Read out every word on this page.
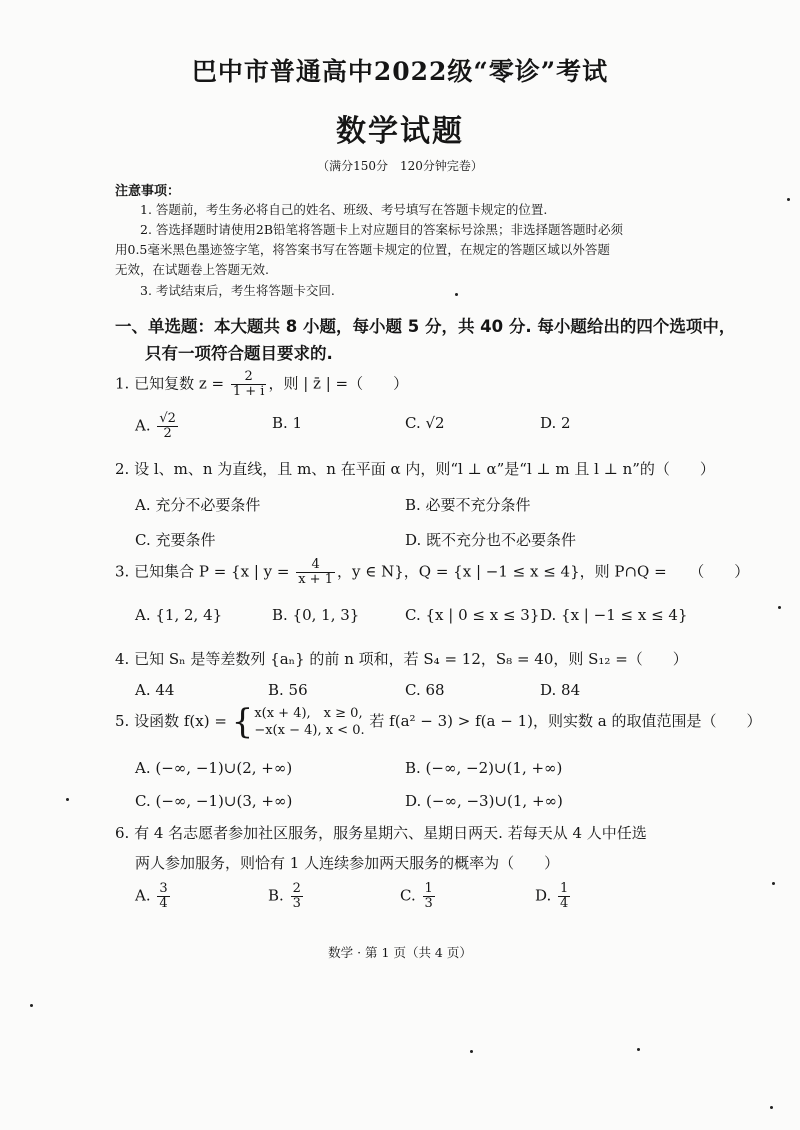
巴中市普通高中2022级“零诊”考试
数学试题
（满分150分　120分钟完卷）
注意事项：
1. 答题前，考生务必将自己的姓名、班级、考号填写在答题卡规定的位置.
2. 答选择题时请使用2B铅笔将答题卡上对应题目的答案标号涂黑；非选择题答题时必须
用0.5毫米黑色墨迹签字笔，将答案书写在答题卡规定的位置，在规定的答题区域以外答题
无效，在试题卷上答题无效.
3. 考试结束后，考生将答题卡交回.
一、单选题：本大题共 8 小题，每小题 5 分，共 40 分. 每小题给出的四个选项中，
只有一项符合题目要求的.
1. 已知复数 $z = \frac{2}{1 + i}$ ，则 | z̄ | =（　　）
A. $\frac{√2}{2}$	B. 1	C. √2	D. 2
2. 设 l、m、n 为直线，且 m、n 在平面 α 内，则“l ⊥ α”是“l ⊥ m 且 l ⊥ n”的（　　）
A. 充分不必要条件	B. 必要不充分条件
C. 充要条件	D. 既不充分也不必要条件
3. 已知集合 P = {x | $y = \frac{4}{x + 1}$ ，y ∈ N}，Q = {x | −1 ≤ x ≤ 4}，则 P∩Q =　　（　　）
A. {1, 2, 4}	B. {0, 1, 3}	C. {x | 0 ≤ x ≤ 3} D. {x | −1 ≤ x ≤ 4}
4. 已知 Sₙ 是等差数列 {aₙ} 的前 n 项和，若 S₄ = 12，S₈ = 40，则 S₁₂ =（　　）
A. 44	B. 56	C. 68	D. 84
5. 设函数 f(x) = { x(x + 4),　x ≥ 0,
−x(x − 4), x < 0.
若 f(a² − 3) > f(a − 1)，则实数 a 的取值范围是（　　）
A. (−∞, −1)∪(2, +∞)	B. (−∞, −2)∪(1, +∞)
C. (−∞, −1)∪(3, +∞)	D. (−∞, −3)∪(1, +∞)
6. 有 4 名志愿者参加社区服务，服务星期六、星期日两天. 若每天从 4 人中任选
两人参加服务，则恰有 1 人连续参加两天服务的概率为（　　）
A. $\frac{3}{4}$	B. $\frac{2}{3}$	C. $\frac{1}{3}$	D. $\frac{1}{4}$
数学 · 第 1 页（共 4 页）
